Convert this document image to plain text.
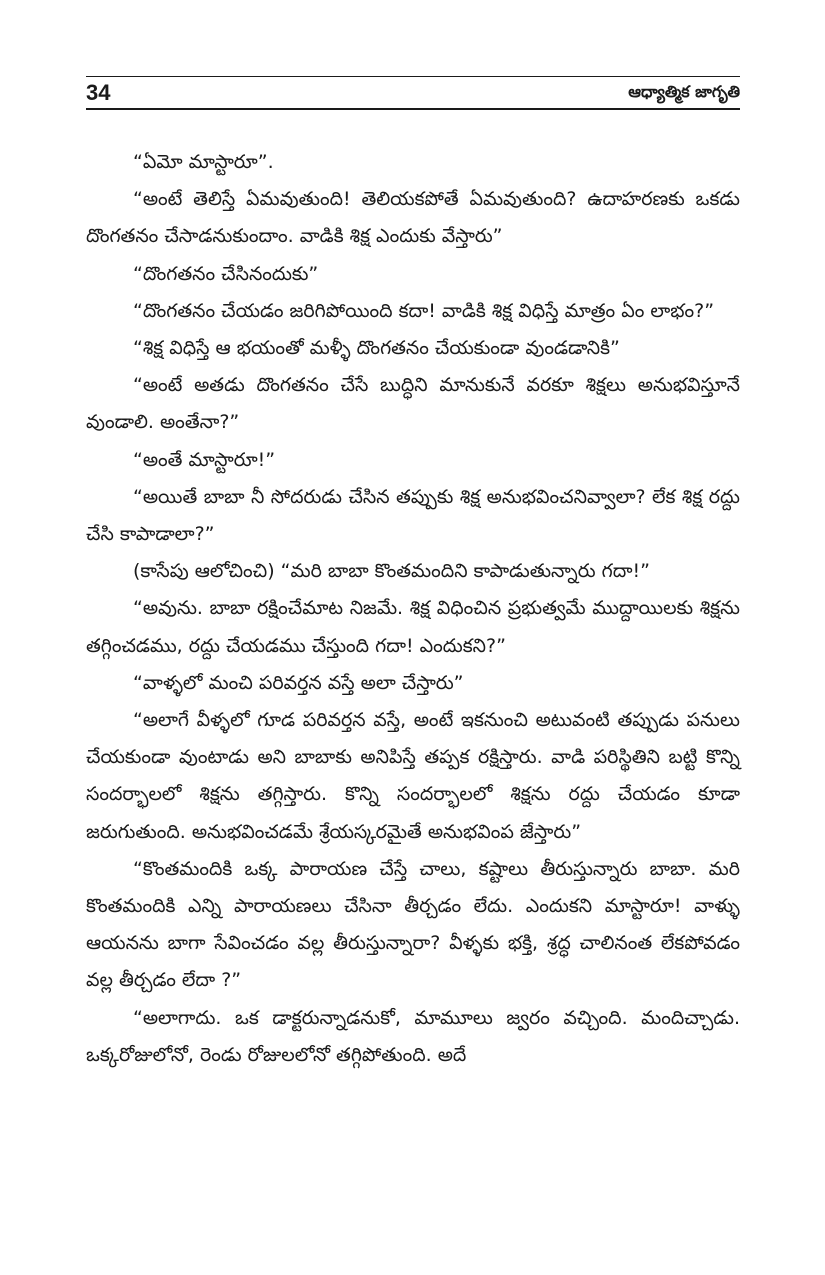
34	ఆధ్యాత్మిక జాగృతి

“ఏమో మాస్టారూ”.

“అంటే తెలిస్తే ఏమవుతుంది! తెలియకపోతే ఏమవుతుంది? ఉదాహరణకు ఒకడు దొంగతనం చేసాడనుకుందాం. వాడికి శిక్ష ఎందుకు వేస్తారు”

“దొంగతనం చేసినందుకు”

“దొంగతనం చేయడం జరిగిపోయింది కదా! వాడికి శిక్ష విధిస్తే మాత్రం ఏం లాభం?”

“శిక్ష విధిస్తే ఆ భయంతో మళ్ళీ దొంగతనం చేయకుండా వుండడానికి”

“అంటే అతడు దొంగతనం చేసే బుద్ధిని మానుకునే వరకూ శిక్షలు అనుభవిస్తూనే వుండాలి. అంతేనా?”

“అంతే మాస్టారూ!”

“అయితే బాబా నీ సోదరుడు చేసిన తప్పుకు శిక్ష అనుభవించనివ్వాలా? లేక శిక్ష రద్దు చేసి కాపాడాలా?”

(కాసేపు ఆలోచించి) “మరి బాబా కొంతమందిని కాపాడుతున్నారు గదా!”

“అవును. బాబా రక్షించేమాట నిజమే. శిక్ష విధించిన ప్రభుత్వమే ముద్దాయిలకు శిక్షను తగ్గించడము, రద్దు చేయడము చేస్తుంది గదా! ఎందుకని?”

“వాళ్ళలో మంచి పరివర్తన వస్తే అలా చేస్తారు”

“అలాగే వీళ్ళలో గూడ పరివర్తన వస్తే, అంటే ఇకనుంచి అటువంటి తప్పుడు పనులు చేయకుండా వుంటాడు అని బాబాకు అనిపిస్తే తప్పక రక్షిస్తారు. వాడి పరిస్థితిని బట్టి కొన్ని సందర్భాలలో శిక్షను తగ్గిస్తారు. కొన్ని సందర్భాలలో శిక్షను రద్దు చేయడం కూడా జరుగుతుంది. అనుభవించడమే శ్రేయస్కరమైతే అనుభవింప జేస్తారు”

“కొంతమందికి ఒక్క పారాయణ చేస్తే చాలు, కష్టాలు తీరుస్తున్నారు బాబా. మరి కొంతమందికి ఎన్ని పారాయణలు చేసినా తీర్చడం లేదు. ఎందుకని మాస్టారూ! వాళ్ళు ఆయనను బాగా సేవించడం వల్ల తీరుస్తున్నారా? వీళ్ళకు భక్తి, శ్రద్ధ చాలినంత లేకపోవడం వల్ల తీర్చడం లేదా ?”

“అలాగాదు. ఒక డాక్టరున్నాడనుకో, మామూలు జ్వరం వచ్చింది. మందిచ్చాడు. ఒక్కరోజులోనో, రెండు రోజులలోనో తగ్గిపోతుంది. అదే
